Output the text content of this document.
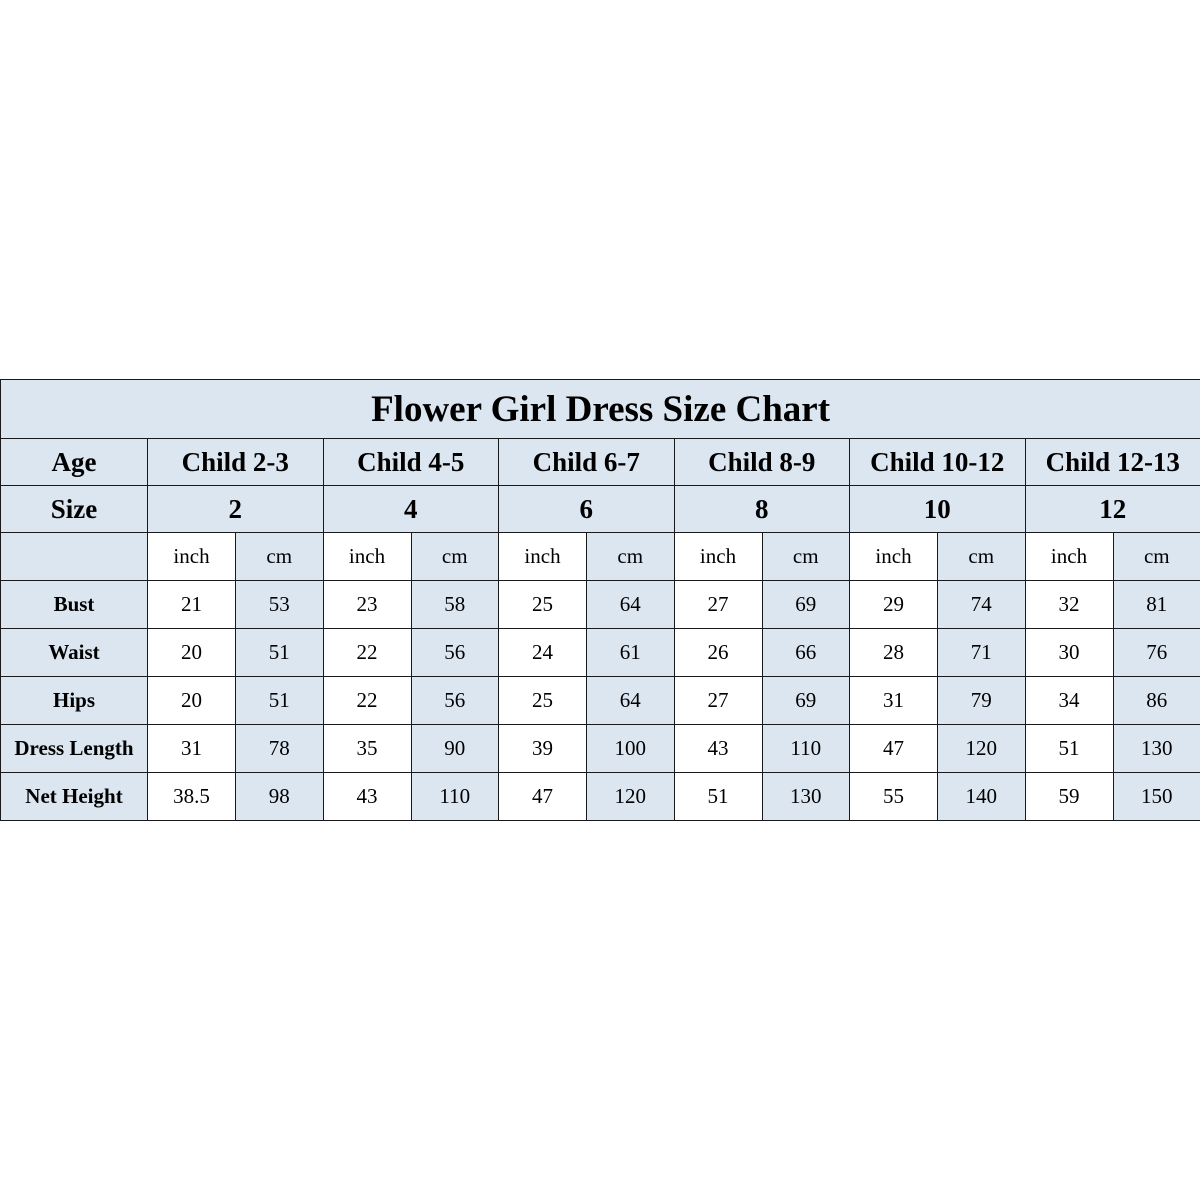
Flower Girl Dress Size Chart												
Age	Child 2-3		Child 4-5		Child 6-7		Child 8-9		Child 10-12		Child 12-13	
Size	2		4		6		8		10		12	
	inch	cm	inch	cm	inch	cm	inch	cm	inch	cm	inch	cm
Bust	21	53	23	58	25	64	27	69	29	74	32	81
Waist	20	51	22	56	24	61	26	66	28	71	30	76
Hips	20	51	22	56	25	64	27	69	31	79	34	86
Dress Length	31	78	35	90	39	100	43	110	47	120	51	130
Net Height	38.5	98	43	110	47	120	51	130	55	140	59	150
